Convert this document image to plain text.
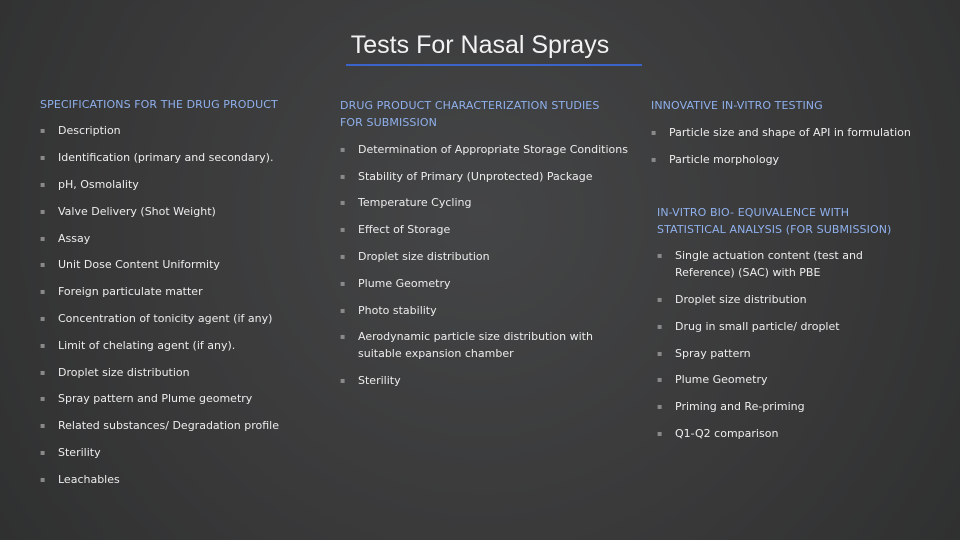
Tests For Nasal Sprays
SPECIFICATIONS FOR THE DRUG PRODUCT
▪ Description
▪ Identification (primary and secondary).
▪ pH, Osmolality
▪ Valve Delivery (Shot Weight)
▪ Assay
▪ Unit Dose Content Uniformity
▪ Foreign particulate matter
▪ Concentration of tonicity agent (if any)
▪ Limit of chelating agent (if any).
▪ Droplet size distribution
▪ Spray pattern and Plume geometry
▪ Related substances/ Degradation profile
▪ Sterility
▪ Leachables
DRUG PRODUCT CHARACTERIZATION STUDIES
FOR SUBMISSION
▪ Determination of Appropriate Storage Conditions
▪ Stability of Primary (Unprotected) Package
▪ Temperature Cycling
▪ Effect of Storage
▪ Droplet size distribution
▪ Plume Geometry
▪ Photo stability
▪ Aerodynamic particle size distribution with suitable expansion chamber
▪ Sterility
INNOVATIVE IN-VITRO TESTING
▪ Particle size and shape of API in formulation
▪ Particle morphology
IN-VITRO BIO- EQUIVALENCE WITH
STATISTICAL ANALYSIS (FOR SUBMISSION)
▪ Single actuation content (test and Reference) (SAC) with PBE
▪ Droplet size distribution
▪ Drug in small particle/ droplet
▪ Spray pattern
▪ Plume Geometry
▪ Priming and Re-priming
▪ Q1-Q2 comparison
